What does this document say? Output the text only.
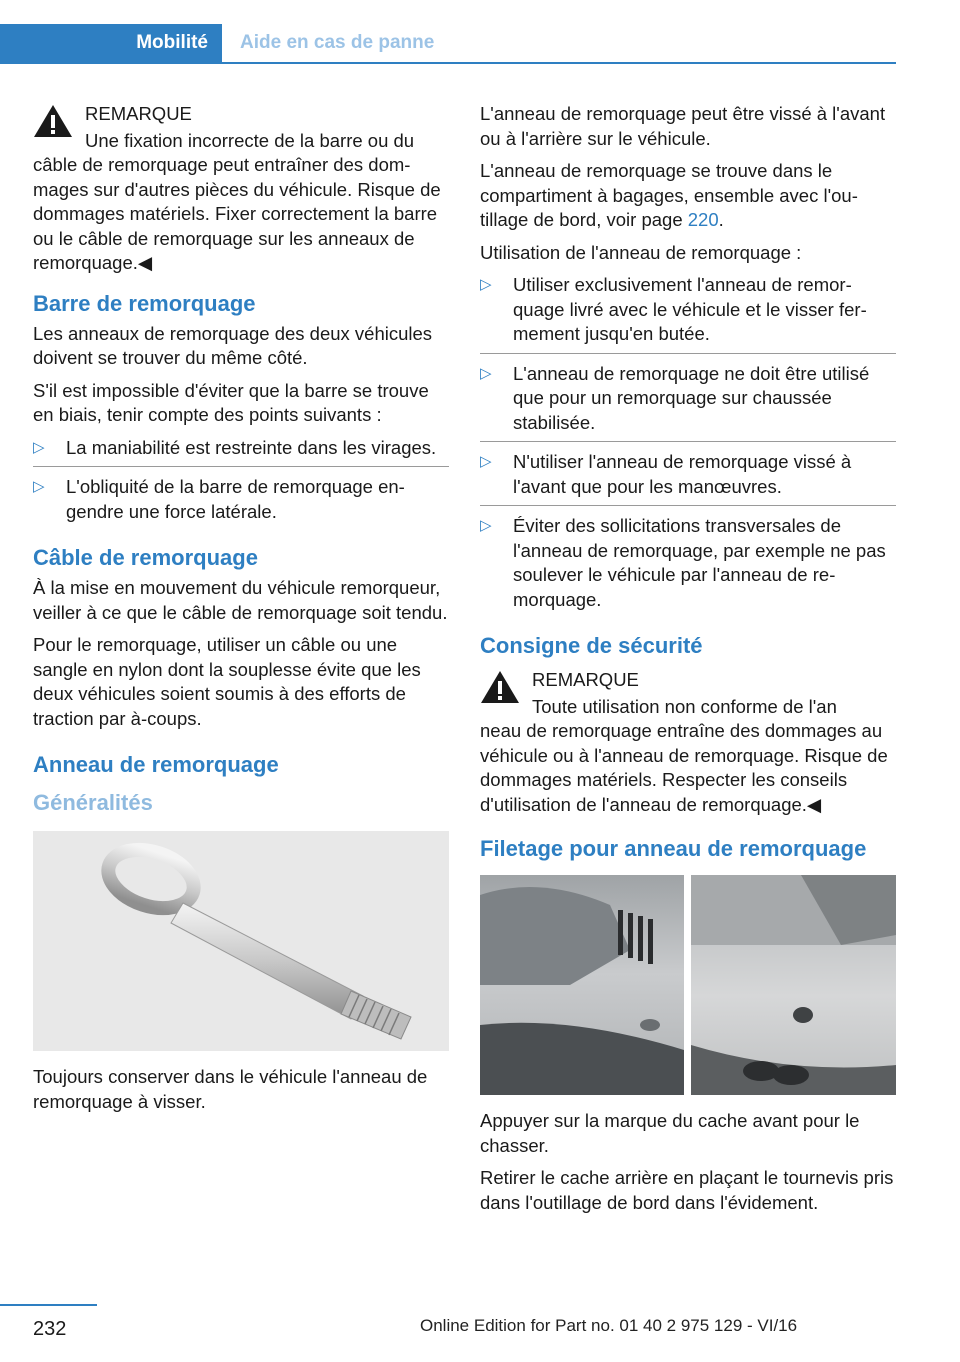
Mobilité	Aide en cas de panne
REMARQUE
Une fixation incorrecte de la barre ou du

câble de remorquage peut entraîner des dommages sur d'autres pièces du véhicule. Risque de dommages matériels. Fixer correctement la barre ou le câble de remorquage sur les anneaux de remorquage.◀

Barre de remorquage

Les anneaux de remorquage des deux véhicules doivent se trouver du même côté.

S'il est impossible d'éviter que la barre se trouve en biais, tenir compte des points suivants :

▷ La maniabilité est restreinte dans les virages.
▷ L'obliquité de la barre de remorquage engendre une force latérale.
Câble de remorquage

À la mise en mouvement du véhicule remorqueur, veiller à ce que le câble de remorquage soit tendu.

Pour le remorquage, utiliser un câble ou une sangle en nylon dont la souplesse évite que les deux véhicules soient soumis à des efforts de traction par à-coups.

Anneau de remorquage
Généralités

Toujours conserver dans le véhicule l'anneau de remorquage à visser.

L'anneau de remorquage peut être vissé à l'avant ou à l'arrière sur le véhicule.

L'anneau de remorquage se trouve dans le compartiment à bagages, ensemble avec l'outillage de bord, voir page 220.

Utilisation de l'anneau de remorquage :

▷ Utiliser exclusivement l'anneau de remorquage livré avec le véhicule et le visser fermement jusqu'en butée.
▷ L'anneau de remorquage ne doit être utilisé que pour un remorquage sur chaussée stabilisée.
▷ N'utiliser l'anneau de remorquage vissé à l'avant que pour les manœuvres.
▷ Éviter des sollicitations transversales de l'anneau de remorquage, par exemple ne pas soulever le véhicule par l'anneau de remorquage.
Consigne de sécurité
REMARQUE
Toute utilisation non conforme de l'an

neau de remorquage entraîne des dommages au véhicule ou à l'anneau de remorquage. Risque de dommages matériels. Respecter les conseils d'utilisation de l'anneau de remorquage.◀

Filetage pour anneau de remorquage

Appuyer sur la marque du cache avant pour le chasser.

Retirer le cache arrière en plaçant le tournevis pris dans l'outillage de bord dans l'évidement.

232	Online Edition for Part no. 01 40 2 975 129 - VI/16
